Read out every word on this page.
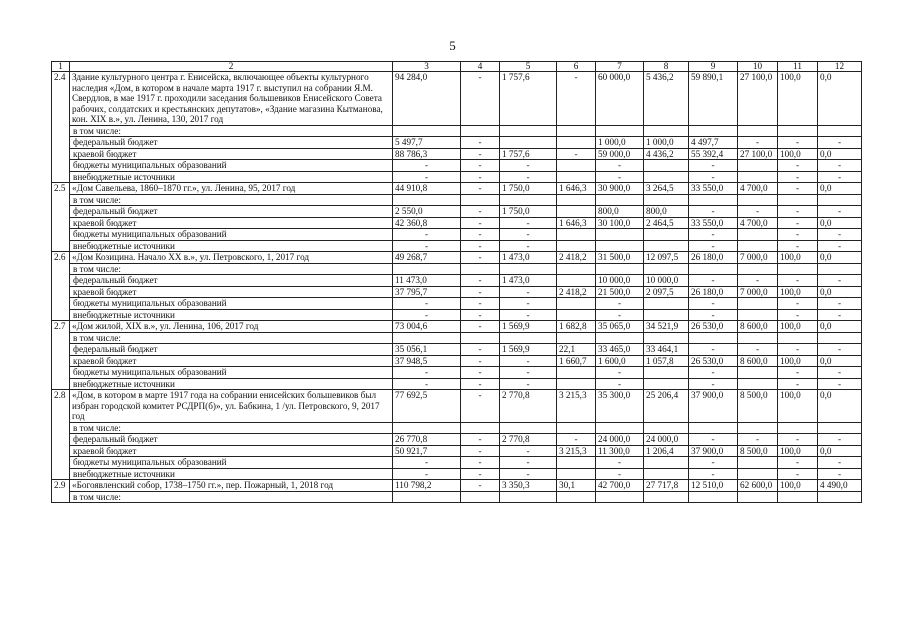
5
1	2	3	4	5	6	7	8	9	10	11	12
2.4	Здание культурного центра г. Енисейска, включающее объекты культурного наследия «Дом, в котором в начале марта 1917 г. выступил на собрании Я.М. Свердлов, в мае 1917 г. проходили заседания большевиков Енисейского Совета рабочих, солдатских и крестьянских депутатов», «Здание магазина Кытманова, кон. XIX в.», ул. Ленина, 130, 2017 год	94 284,0	-	1 757,6	-	60 000,0	5 436,2	59 890,1	27 100,0	100,0	0,0
	в том числе:										
	федеральный бюджет	5 497,7	-			1 000,0	1 000,0	4 497,7	-	-	-
	краевой бюджет	88 786,3	-	1 757,6	-	59 000,0	4 436,2	55 392,4	27 100,0	100,0	0,0
	бюджеты муниципальных образований	-	-	-		-		-		-	-
	внебюджетные источники	-	-	-		-		-		-	-
2.5	«Дом Савельева, 1860–1870 гг.», ул. Ленина, 95, 2017 год	44 910,8	-	1 750,0	1 646,3	30 900,0	3 264,5	33 550,0	4 700,0	-	0,0
	в том числе:										
	федеральный бюджет	2 550,0	-	1 750,0		800,0	800,0	-	-	-	-
	краевой бюджет	42 360,8	-	-	1 646,3	30 100,0	2 464,5	33 550,0	4 700,0	-	0,0
	бюджеты муниципальных образований	-	-	-				-		-	-
	внебюджетные источники	-	-	-				-		-	-
2.6	«Дом Козицина. Начало XX в.», ул. Петровского, 1, 2017 год	49 268,7	-	1 473,0	2 418,2	31 500,0	12 097,5	26 180,0	7 000,0	100,0	0,0
	в том числе:										
	федеральный бюджет	11 473,0	-	1 473,0		10 000,0	10 000,0	-	-	-	-
	краевой бюджет	37 795,7	-	-	2 418,2	21 500,0	2 097,5	26 180,0	7 000,0	100,0	0,0
	бюджеты муниципальных образований	-	-	-		-		-		-	-
	внебюджетные источники	-	-	-		-		-		-	-
2.7	«Дом жилой, XIX в.», ул. Ленина, 106, 2017 год	73 004,6	-	1 569,9	1 682,8	35 065,0	34 521,9	26 530,0	8 600,0	100,0	0,0
	в том числе:										
	федеральный бюджет	35 056,1	-	1 569,9	22,1	33 465,0	33 464,1	-	-	-	-
	краевой бюджет	37 948,5	-	-	1 660,7	1 600,0	1 057,8	26 530,0	8 600,0	100,0	0,0
	бюджеты муниципальных образований	-	-	-		-		-		-	-
	внебюджетные источники	-	-	-		-		-		-	-
2.8	«Дом, в котором в марте 1917 года на собрании енисейских большевиков был избран городской комитет РСДРП(б)», ул. Бабкина, 1 /ул. Петровского, 9, 2017 год	77 692,5	-	2 770,8	3 215,3	35 300,0	25 206,4	37 900,0	8 500,0	100,0	0,0
	в том числе:										
	федеральный бюджет	26 770,8	-	2 770,8	-	24 000,0	24 000,0	-	-	-	-
	краевой бюджет	50 921,7	-	-	3 215,3	11 300,0	1 206,4	37 900,0	8 500,0	100,0	0,0
	бюджеты муниципальных образований	-	-	-		-		-		-	-
	внебюджетные источники	-	-	-		-		-		-	-
2.9	«Богоявленский собор, 1738–1750 гг.», пер. Пожарный, 1, 2018 год	110 798,2	-	3 350,3	30,1	42 700,0	27 717,8	12 510,0	62 600,0	100,0	4 490,0
	в том числе:										
